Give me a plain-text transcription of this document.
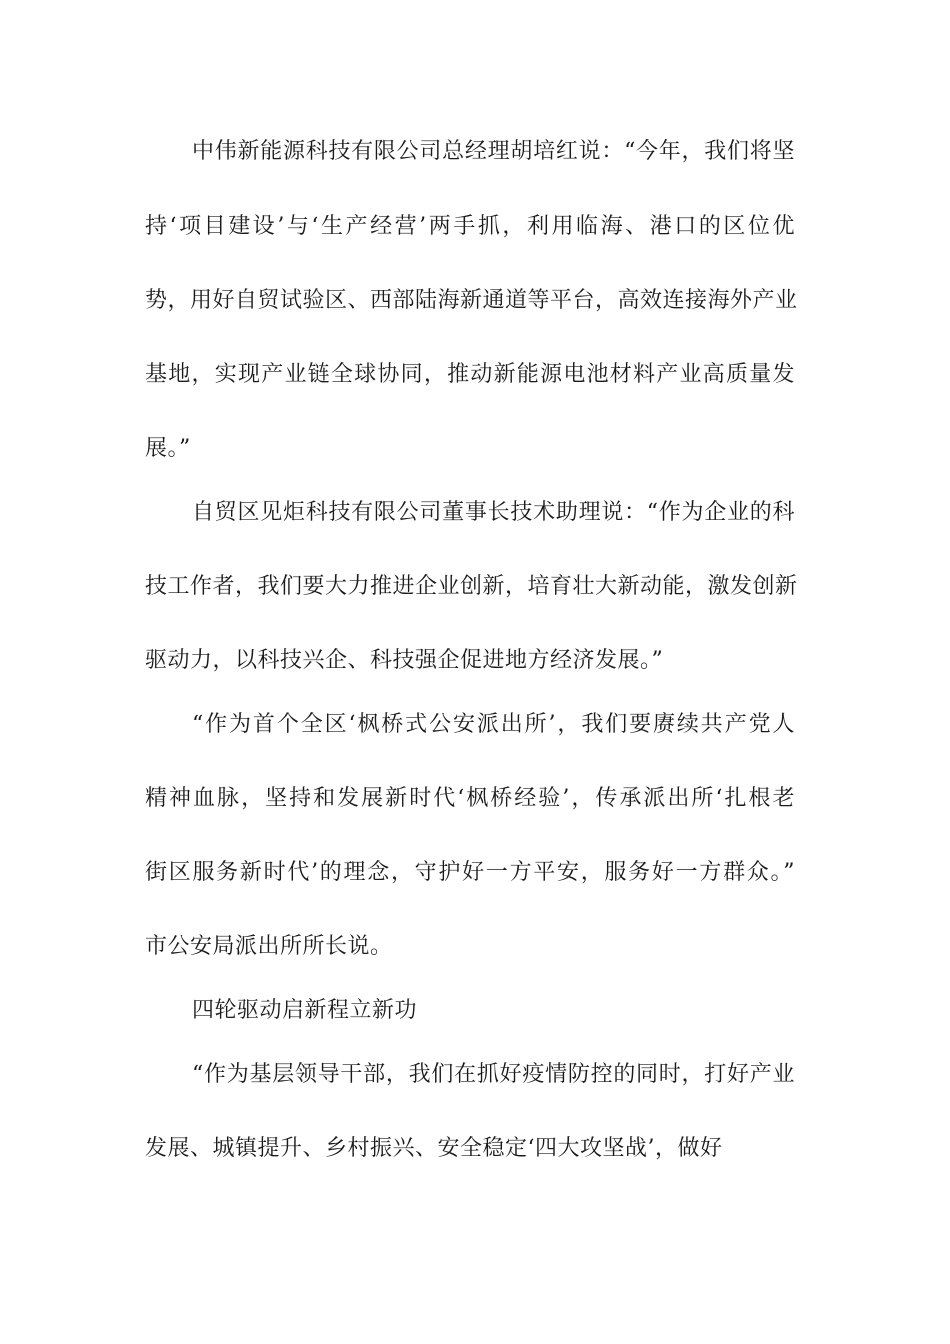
中伟新能源科技有限公司总经理胡培红说：“今年，我们将坚
持‘项目建设’与‘生产经营’两手抓，利用临海、港口的区位优
势，用好自贸试验区、西部陆海新通道等平台，高效连接海外产业
基地，实现产业链全球协同，推动新能源电池材料产业高质量发
展。”
自贸区见炬科技有限公司董事长技术助理说：“作为企业的科
技工作者，我们要大力推进企业创新，培育壮大新动能，激发创新
驱动力，以科技兴企、科技强企促进地方经济发展。”
“作为首个全区‘枫桥式公安派出所’，我们要赓续共产党人
精神血脉，坚持和发展新时代‘枫桥经验’，传承派出所‘扎根老
街区服务新时代’的理念，守护好一方平安，服务好一方群众。”
市公安局派出所所长说。
四轮驱动启新程立新功
“作为基层领导干部，我们在抓好疫情防控的同时，打好产业
发展、城镇提升、乡村振兴、安全稳定‘四大攻坚战’，做好
